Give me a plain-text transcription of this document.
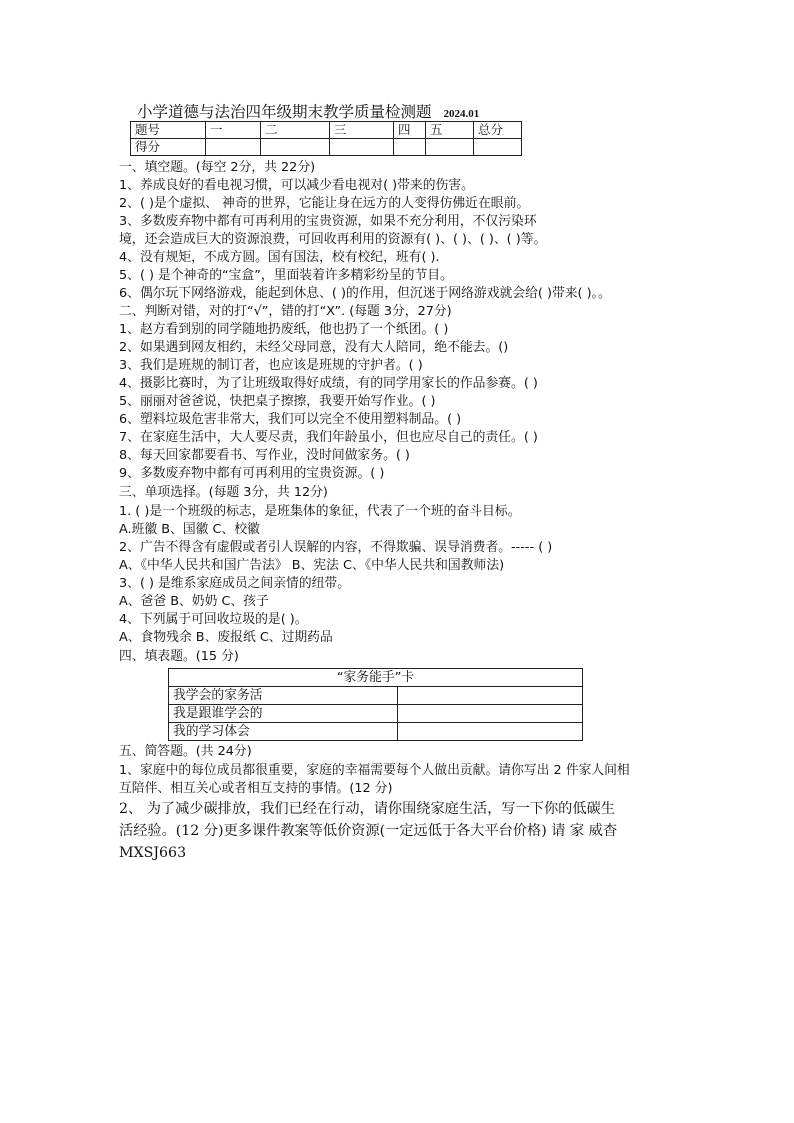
小学道德与法治四年级期末教学质量检测题 2024.01
题号	一	二	三	四	五	总分
得分						
一、填空题。(每空 2分，共 22分)
1、养成良好的看电视习惯，可以减少看电视对( )带来的伤害。
2、( )是个虚拟、 神奇的世界，它能让身在远方的人变得仿佛近在眼前。
3、多数废弃物中都有可再利用的宝贵资源，如果不充分利用，不仅污染环
境，还会造成巨大的资源浪费，可回收再利用的资源有( )、( )、( )、( )等。
4、没有规矩，不成方圆。国有国法，校有校纪，班有( ).
5、( ) 是个神奇的“宝盒”，里面装着许多精彩纷呈的节目。
6、偶尔玩下网络游戏，能起到休息、( )的作用，但沉迷于网络游戏就会给( )带来( )。。
二、判断对错，对的打“√”，错的打“X”. (每题 3分，27分)
1、赵方看到别的同学随地扔废纸，他也扔了一个纸团。( )
2、如果遇到网友相约，未经父母同意，没有大人陪同，绝不能去。()
3、我们是班规的制订者，也应该是班规的守护者。( )
4、摄影比赛时，为了让班级取得好成绩，有的同学用家长的作品参赛。( )
5、丽丽对爸爸说，快把桌子擦擦，我要开始写作业。( )
6、塑料垃圾危害非常大，我们可以完全不使用塑料制品。( )
7、在家庭生活中，大人要尽责，我们年龄虽小，但也应尽自己的责任。( )
8、每天回家都要看书、写作业，没时间做家务。( )
9、多数废弃物中都有可再利用的宝贵资源。( )
三、单项选择。(每题 3分，共 12分)
1. ( )是一个班级的标志，是班集体的象征，代表了一个班的奋斗目标。
A.班徽 B、国徽 C、校徽
2、广告不得含有虚假或者引人误解的内容，不得欺骗、误导消费者。----- ( )
A、《中华人民共和国广告法》 B、宪法 C、《中华人民共和国教师法)
3、( ) 是维系家庭成员之间亲情的纽带。
A、爸爸 B、奶奶 C、孩子
4、下列属于可回收垃圾的是( )。
A、食物残余 B、废报纸 C、过期药品
四、填表题。(15 分)
“家务能手”卡	
我学会的家务活	
我是跟谁学会的	
我的学习体会	
五、简答题。(共 24分)
1、家庭中的每位成员都很重要，家庭的幸福需要每个人做出贡献。请你写出 2 件家人间相
互陪伴、相互关心或者相互支持的事情。(12 分)
2、 为了减少碳排放，我们已经在行动，请你围绕家庭生活，写一下你的低碳生
活经验。(12 分)更多课件教案等低价资源(一定远低于各大平台价格) 请 家 威杳
MXSJ663
